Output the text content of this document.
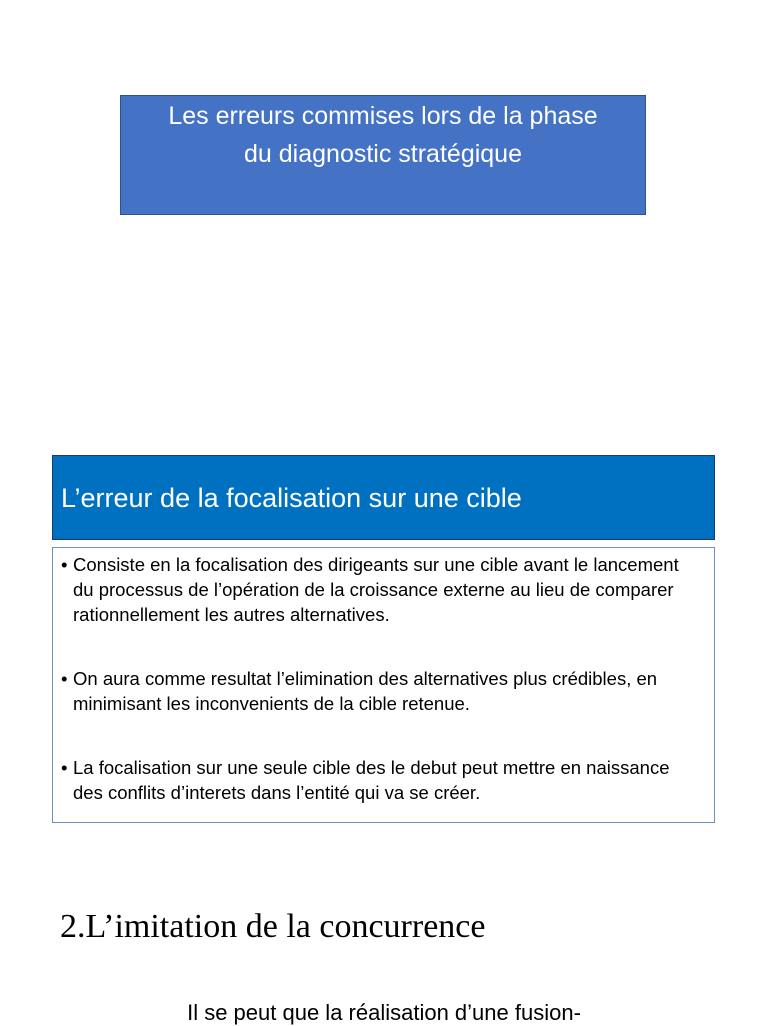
Les erreurs commises lors de la phase
du diagnostic stratégique
L’erreur de la focalisation sur une cible
• Consiste en la focalisation des dirigeants sur une cible avant le lancement du processus de l’opération de la croissance externe au lieu de comparer rationnellement les autres alternatives.
• On aura comme resultat l’elimination des alternatives plus crédibles, en minimisant les inconvenients de la cible retenue.
• La focalisation sur une seule cible des le debut peut mettre en naissance des conflits d’interets dans l’entité qui va se créer.
2.L’imitation de la concurrence
Il se peut que la réalisation d’une fusion-
